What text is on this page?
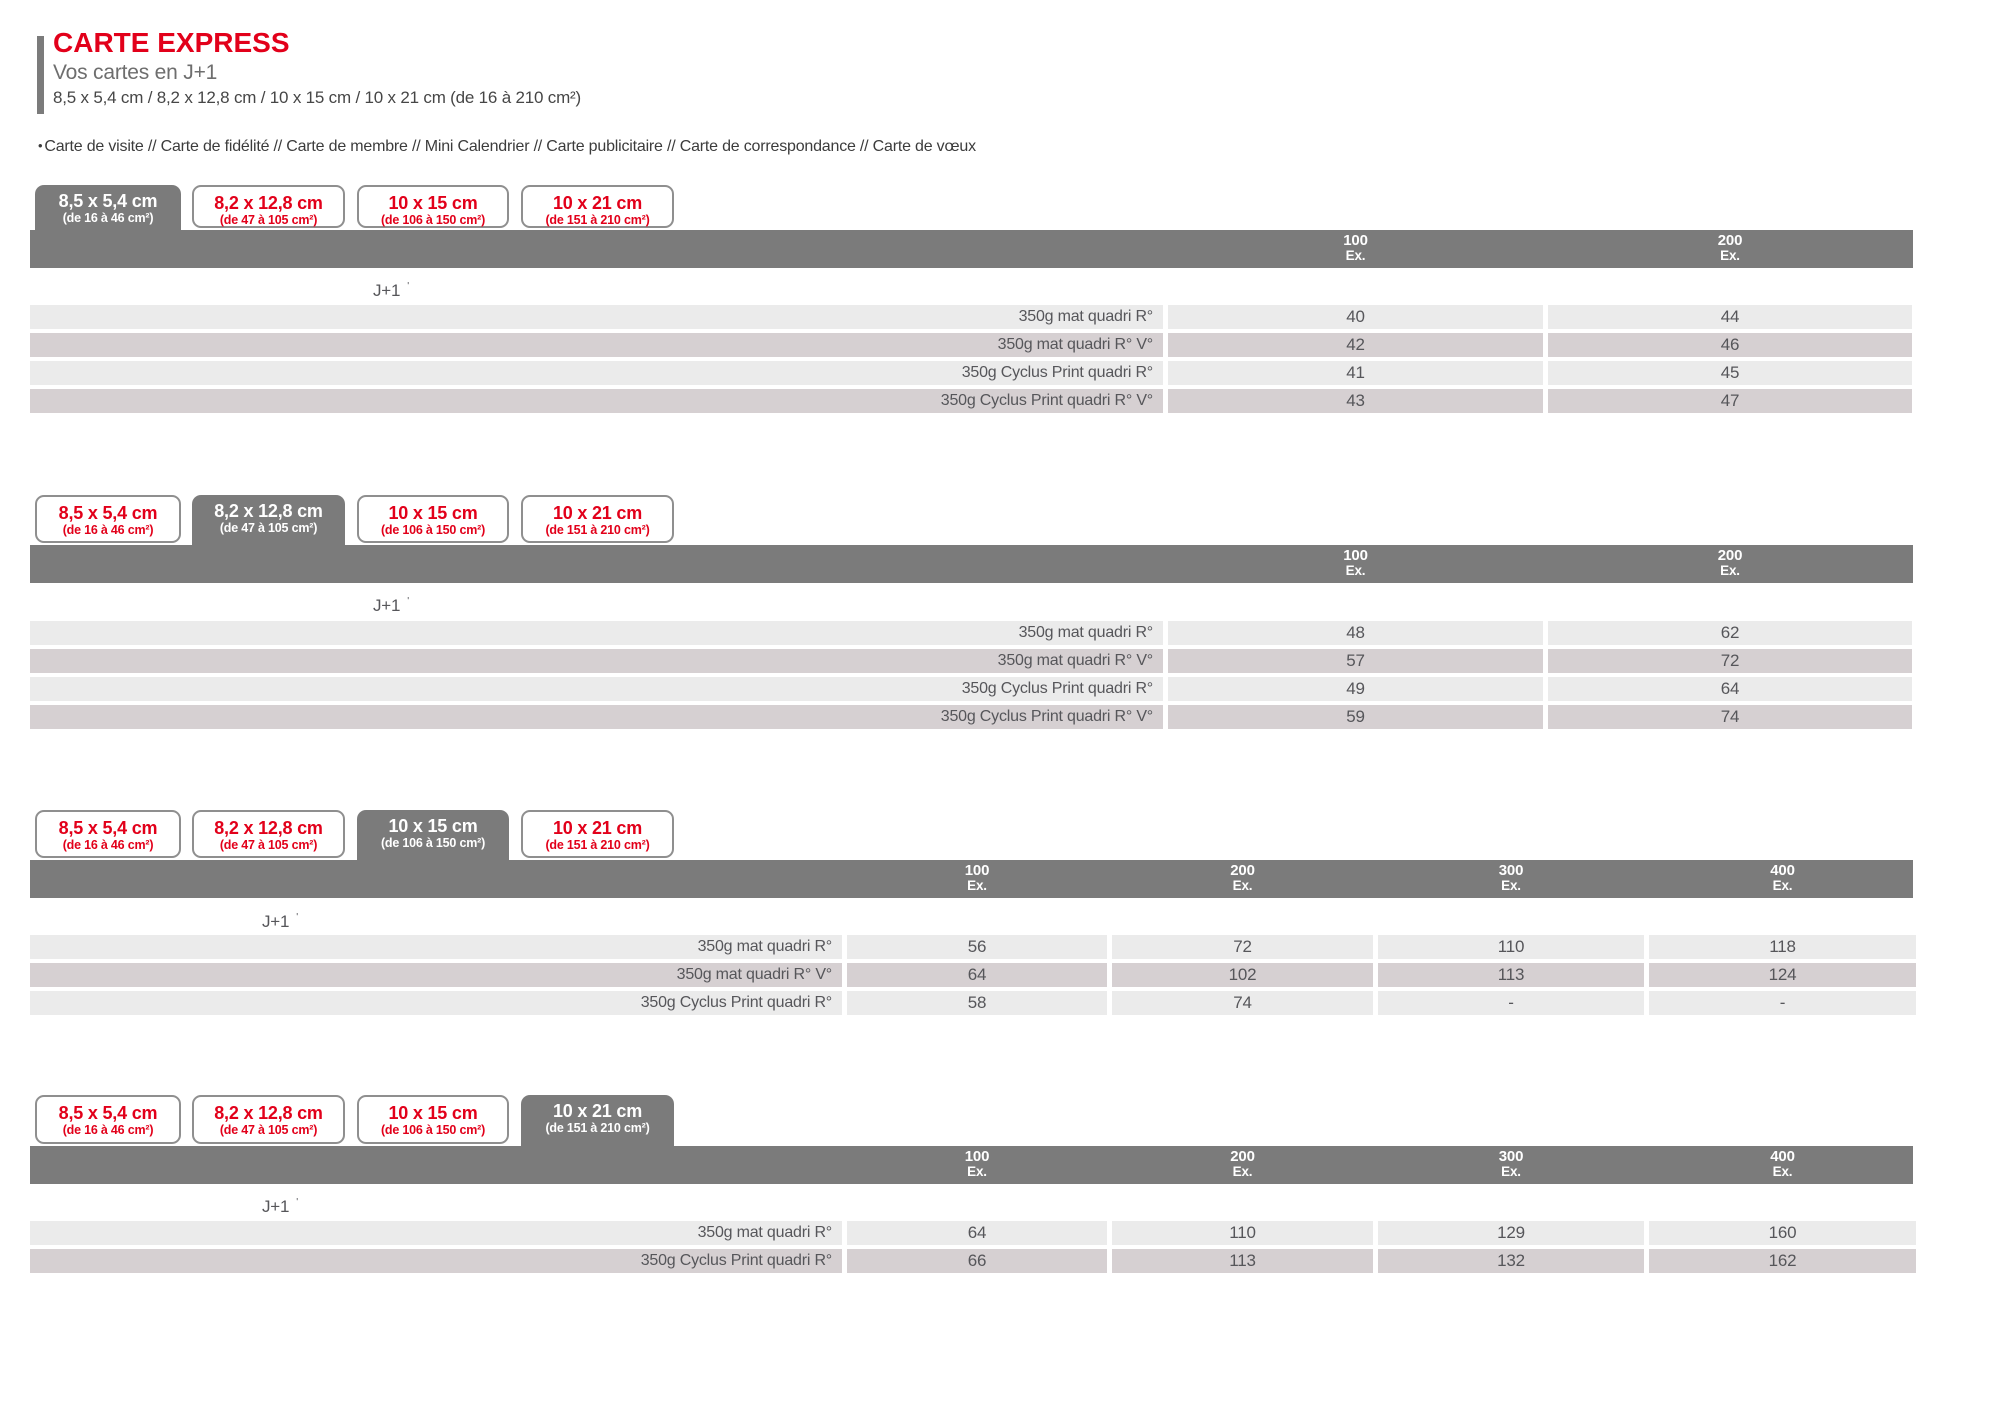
CARTE EXPRESS
Vos cartes en J+1
8,5 x 5,4 cm / 8,2 x 12,8 cm / 10 x 15 cm / 10 x 21 cm (de 16 à 210 cm²)
• Carte de visite // Carte de fidélité // Carte de membre // Mini Calendrier // Carte publicitaire // Carte de correspondance // Carte de vœux
8,5 x 5,4 cm
(de 16 à 46 cm²)
8,2 x 12,8 cm
(de 47 à 105 cm²)
10 x 15 cm
(de 106 à 150 cm²)
10 x 21 cm
(de 151 à 210 cm²)
100
Ex.
200
Ex.
J+1 '
350g mat quadri R°	40	44
350g mat quadri R° V°	42	46
350g Cyclus Print quadri R°	41	45
350g Cyclus Print quadri R° V°	43	47
8,5 x 5,4 cm
(de 16 à 46 cm²)
8,2 x 12,8 cm
(de 47 à 105 cm²)
10 x 15 cm
(de 106 à 150 cm²)
10 x 21 cm
(de 151 à 210 cm²)
100
Ex.
200
Ex.
J+1 '
350g mat quadri R°	48	62
350g mat quadri R° V°	57	72
350g Cyclus Print quadri R°	49	64
350g Cyclus Print quadri R° V°	59	74
8,5 x 5,4 cm
(de 16 à 46 cm²)
8,2 x 12,8 cm
(de 47 à 105 cm²)
10 x 15 cm
(de 106 à 150 cm²)
10 x 21 cm
(de 151 à 210 cm²)
100
Ex.
200
Ex.
300
Ex.
400
Ex.
J+1 '
350g mat quadri R°	56	72	110	118
350g mat quadri R° V°	64	102	113	124
350g Cyclus Print quadri R°	58	74	-	-
8,5 x 5,4 cm
(de 16 à 46 cm²)
8,2 x 12,8 cm
(de 47 à 105 cm²)
10 x 15 cm
(de 106 à 150 cm²)
10 x 21 cm
(de 151 à 210 cm²)
100
Ex.
200
Ex.
300
Ex.
400
Ex.
J+1 '
350g mat quadri R°	64	110	129	160
350g Cyclus Print quadri R°	66	113	132	162
